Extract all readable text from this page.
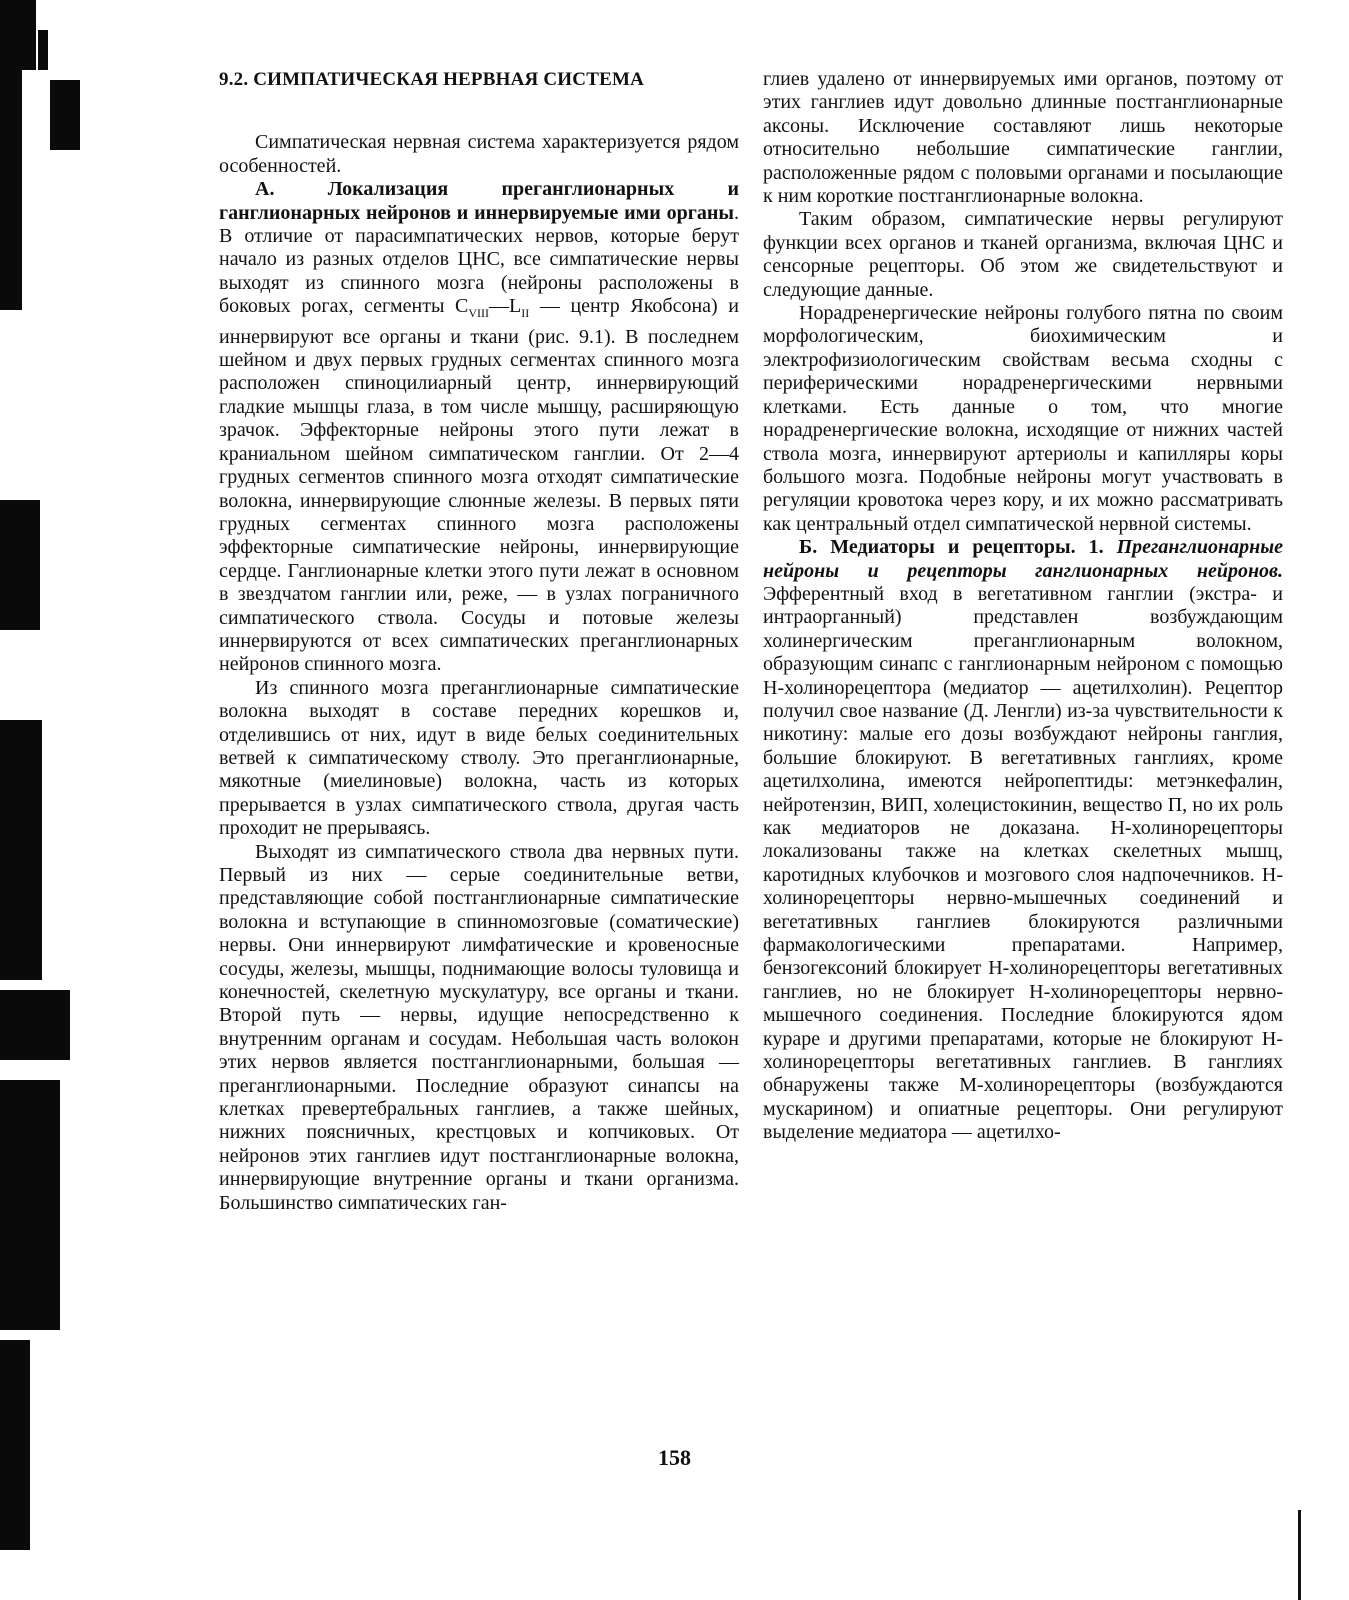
9.2. СИМПАТИЧЕСКАЯ НЕРВНАЯ СИСТЕМА

Симпатическая нервная система характеризуется рядом особенностей.

А. Локализация преганглионарных и ганглионарных нейронов и иннервируемые ими органы. В отличие от парасимпатических нервов, которые берут начало из разных отделов ЦНС, все симпатические нервы выходят из спинного мозга (нейроны расположены в боковых рогах, сегменты $C_{VIII}—L_{II}$ — центр Якобсона) и иннервируют все органы и ткани (рис. 9.1). В последнем шейном и двух первых грудных сегментах спинного мозга расположен спиноцилиарный центр, иннервирующий гладкие мышцы глаза, в том числе мышцу, расширяющую зрачок. Эффекторные нейроны этого пути лежат в краниальном шейном симпатическом ганглии. От 2—4 грудных сегментов спинного мозга отходят симпатические волокна, иннервирующие слюнные железы. В первых пяти грудных сегментах спинного мозга расположены эффекторные симпатические нейроны, иннервирующие сердце. Ганглионарные клетки этого пути лежат в основном в звездчатом ганглии или, реже, — в узлах пограничного симпатического ствола. Сосуды и потовые железы иннервируются от всех симпатических преганглионарных нейронов спинного мозга.

Из спинного мозга преганглионарные симпатические волокна выходят в составе передних корешков и, отделившись от них, идут в виде белых соединительных ветвей к симпатическому стволу. Это преганглионарные, мякотные (миелиновые) волокна, часть из которых прерывается в узлах симпатического ствола, другая часть проходит не прерываясь.

Выходят из симпатического ствола два нервных пути. Первый из них — серые соединительные ветви, представляющие собой постганглионарные симпатические волокна и вступающие в спинномозговые (соматические) нервы. Они иннервируют лимфатические и кровеносные сосуды, железы, мышцы, поднимающие волосы туловища и конечностей, скелетную мускулатуру, все органы и ткани. Второй путь — нервы, идущие непосредственно к внутренним органам и сосудам. Небольшая часть волокон этих нервов является постганглионарными, большая — преганглионарными. Последние образуют синапсы на клетках превертебральных ганглиев, а также шейных, нижних поясничных, крестцовых и копчиковых. От нейронов этих ганглиев идут постганглионарные волокна, иннервирующие внутренние органы и ткани организма. Большинство симпатических ган-

глиев удалено от иннервируемых ими органов, поэтому от этих ганглиев идут довольно длинные постганглионарные аксоны. Исключение составляют лишь некоторые относительно небольшие симпатические ганглии, расположенные рядом с половыми органами и посылающие к ним короткие постганглионарные волокна.

Таким образом, симпатические нервы регулируют функции всех органов и тканей организма, включая ЦНС и сенсорные рецепторы. Об этом же свидетельствуют и следующие данные.

Норадренергические нейроны голубого пятна по своим морфологическим, биохимическим и электрофизиологическим свойствам весьма сходны с периферическими норадренергическими нервными клетками. Есть данные о том, что многие норадренергические волокна, исходящие от нижних частей ствола мозга, иннервируют артериолы и капилляры коры большого мозга. Подобные нейроны могут участвовать в регуляции кровотока через кору, и их можно рассматривать как центральный отдел симпатической нервной системы.

Б. Медиаторы и рецепторы. 1. Преганглионарные нейроны и рецепторы ганглионарных нейронов. Эфферентный вход в вегетативном ганглии (экстра- и интраорганный) представлен возбуждающим холинергическим преганглионарным волокном, образующим синапс с ганглионарным нейроном с помощью Н-холинорецептора (медиатор — ацетилхолин). Рецептор получил свое название (Д. Ленгли) из-за чувствительности к никотину: малые его дозы возбуждают нейроны ганглия, большие блокируют. В вегетативных ганглиях, кроме ацетилхолина, имеются нейропептиды: метэнкефалин, нейротензин, ВИП, холецистокинин, вещество П, но их роль как медиаторов не доказана. Н-холинорецепторы локализованы также на клетках скелетных мышц, каротидных клубочков и мозгового слоя надпочечников. Н-холинорецепторы нервно-мышечных соединений и вегетативных ганглиев блокируются различными фармакологическими препаратами. Например, бензогексоний блокирует Н-холинорецепторы вегетативных ганглиев, но не блокирует Н-холинорецепторы нервно-мышечного соединения. Последние блокируются ядом кураре и другими препаратами, которые не блокируют Н-холинорецепторы вегетативных ганглиев. В ганглиях обнаружены также М-холинорецепторы (возбуждаются мускарином) и опиатные рецепторы. Они регулируют выделение медиатора — ацетилхо-

158
